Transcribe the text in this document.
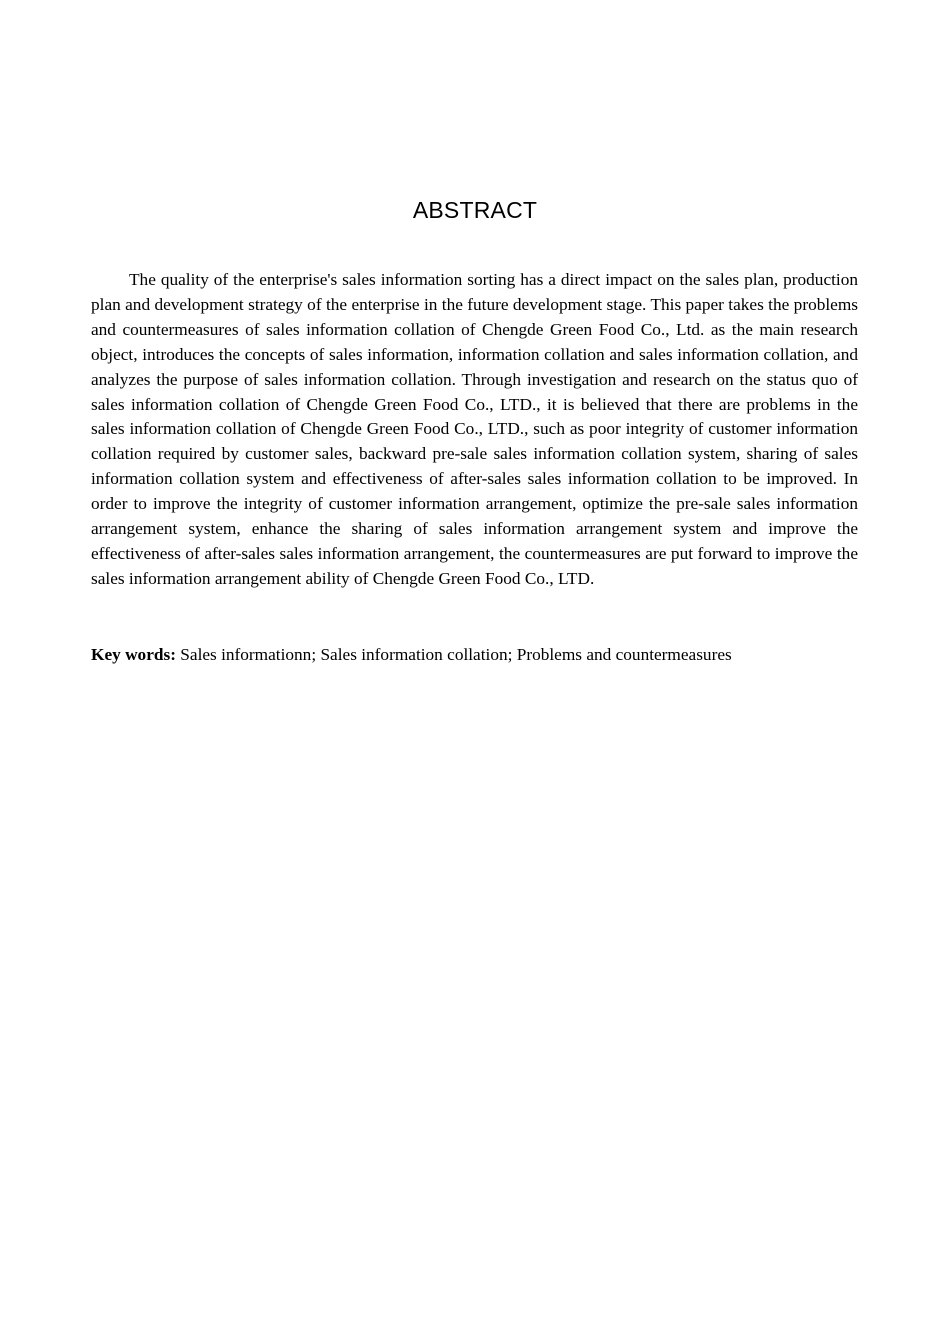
ABSTRACT

The quality of the enterprise's sales information sorting has a direct impact on the sales plan, production plan and development strategy of the enterprise in the future development stage. This paper takes the problems and countermeasures of sales information collation of Chengde Green Food Co., Ltd. as the main research object, introduces the concepts of sales information, information collation and sales information collation, and analyzes the purpose of sales information collation. Through investigation and research on the status quo of sales information collation of Chengde Green Food Co., LTD., it is believed that there are problems in the sales information collation of Chengde Green Food Co., LTD., such as poor integrity of customer information collation required by customer sales, backward pre-sale sales information collation system, sharing of sales information collation system and effectiveness of after-sales sales information collation to be improved. In order to improve the integrity of customer information arrangement, optimize the pre-sale sales information arrangement system, enhance the sharing of sales information arrangement system and improve the effectiveness of after-sales sales information arrangement, the countermeasures are put forward to improve the sales information arrangement ability of Chengde Green Food Co., LTD.

Key words: Sales informationn; Sales information collation; Problems and countermeasures
